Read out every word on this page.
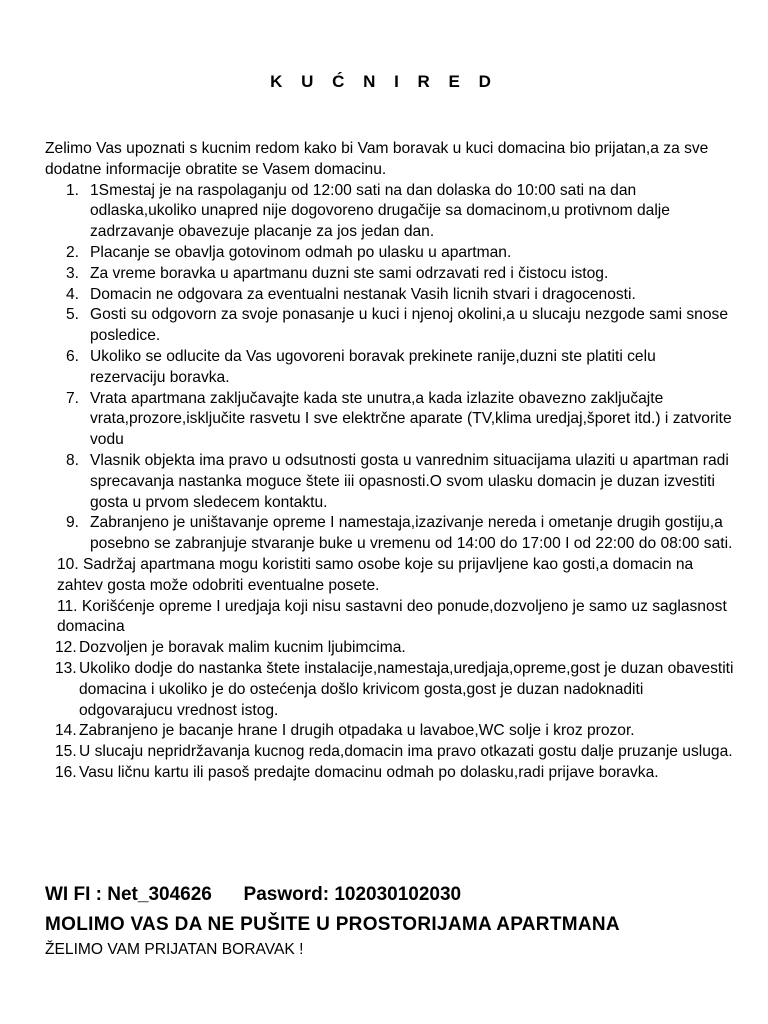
K U Ć N I R E D

Zelimo Vas upoznati s kucnim redom kako bi Vam boravak u kuci domacina bio prijatan,a za sve dodatne informacije obratite se Vasem domacinu.

1. 1Smestaj je na raspolaganju od 12:00 sati na dan dolaska do 10:00 sati na dan odlaska,ukoliko unapred nije dogovoreno drugačije sa domacinom,u protivnom dalje zadrzavanje obavezuje placanje za jos jedan dan.
2. Placanje se obavlja gotovinom odmah po ulasku u apartman.
3. Za vreme boravka u apartmanu duzni ste sami odrzavati red i čistocu istog.
4. Domacin ne odgovara za eventualni nestanak Vasih licnih stvari i dragocenosti.
5. Gosti su odgovorn za svoje ponasanje u kuci i njenoj okolini,a u slucaju nezgode sami snose posledice.
6. Ukoliko se odlucite da Vas ugovoreni boravak prekinete ranije,duzni ste platiti celu rezervaciju boravka.
7. Vrata apartmana zaključavajte kada ste unutra,a kada izlazite obavezno zaključajte vrata,prozore,isključite rasvetu I sve elektrčne aparate (TV,klima uredjaj,šporet itd.) i zatvorite vodu
8. Vlasnik objekta ima pravo u odsutnosti gosta u vanrednim situacijama ulaziti u apartman radi sprecavanja nastanka moguce štete iii opasnosti.O svom ulasku domacin je duzan izvestiti gosta u prvom sledecem kontaktu.
9. Zabranjeno je uništavanje opreme I namestaja,izazivanje nereda i ometanje drugih gostiju,a posebno se zabranjuje stvaranje buke u vremenu od 14:00 do 17:00 I od 22:00 do 08:00 sati.
10. Sadržaj apartmana mogu koristiti samo osobe koje su prijavljene kao gosti,a domacin na zahtev gosta može odobriti eventualne posete.
11. Korišćenje opreme I uredjaja koji nisu sastavni deo ponude,dozvoljeno je samo uz saglasnost domacina
12. Dozvoljen je boravak malim kucnim ljubimcima.
13. Ukoliko dodje do nastanka štete instalacije,namestaja,uredjaja,opreme,gost je duzan obavestiti domacina i ukoliko je do ostećenja došlo krivicom gosta,gost je duzan nadoknaditi odgovarajucu vrednost istog.
14. Zabranjeno je bacanje hrane I drugih otpadaka u lavaboe,WC solje i kroz prozor.
15. U slucaju nepridržavanja kucnog reda,domacin ima pravo otkazati gostu dalje pruzanje usluga.
16. Vasu ličnu kartu ili pasoš predajte domacinu odmah po dolasku,radi prijave boravka.
WI FI : Net_304626      Pasword: 102030102030
MOLIMO VAS DA NE PUŠITE U PROSTORIJAMA APARTMANA
ŽELIMO VAM PRIJATAN BORAVAK !
